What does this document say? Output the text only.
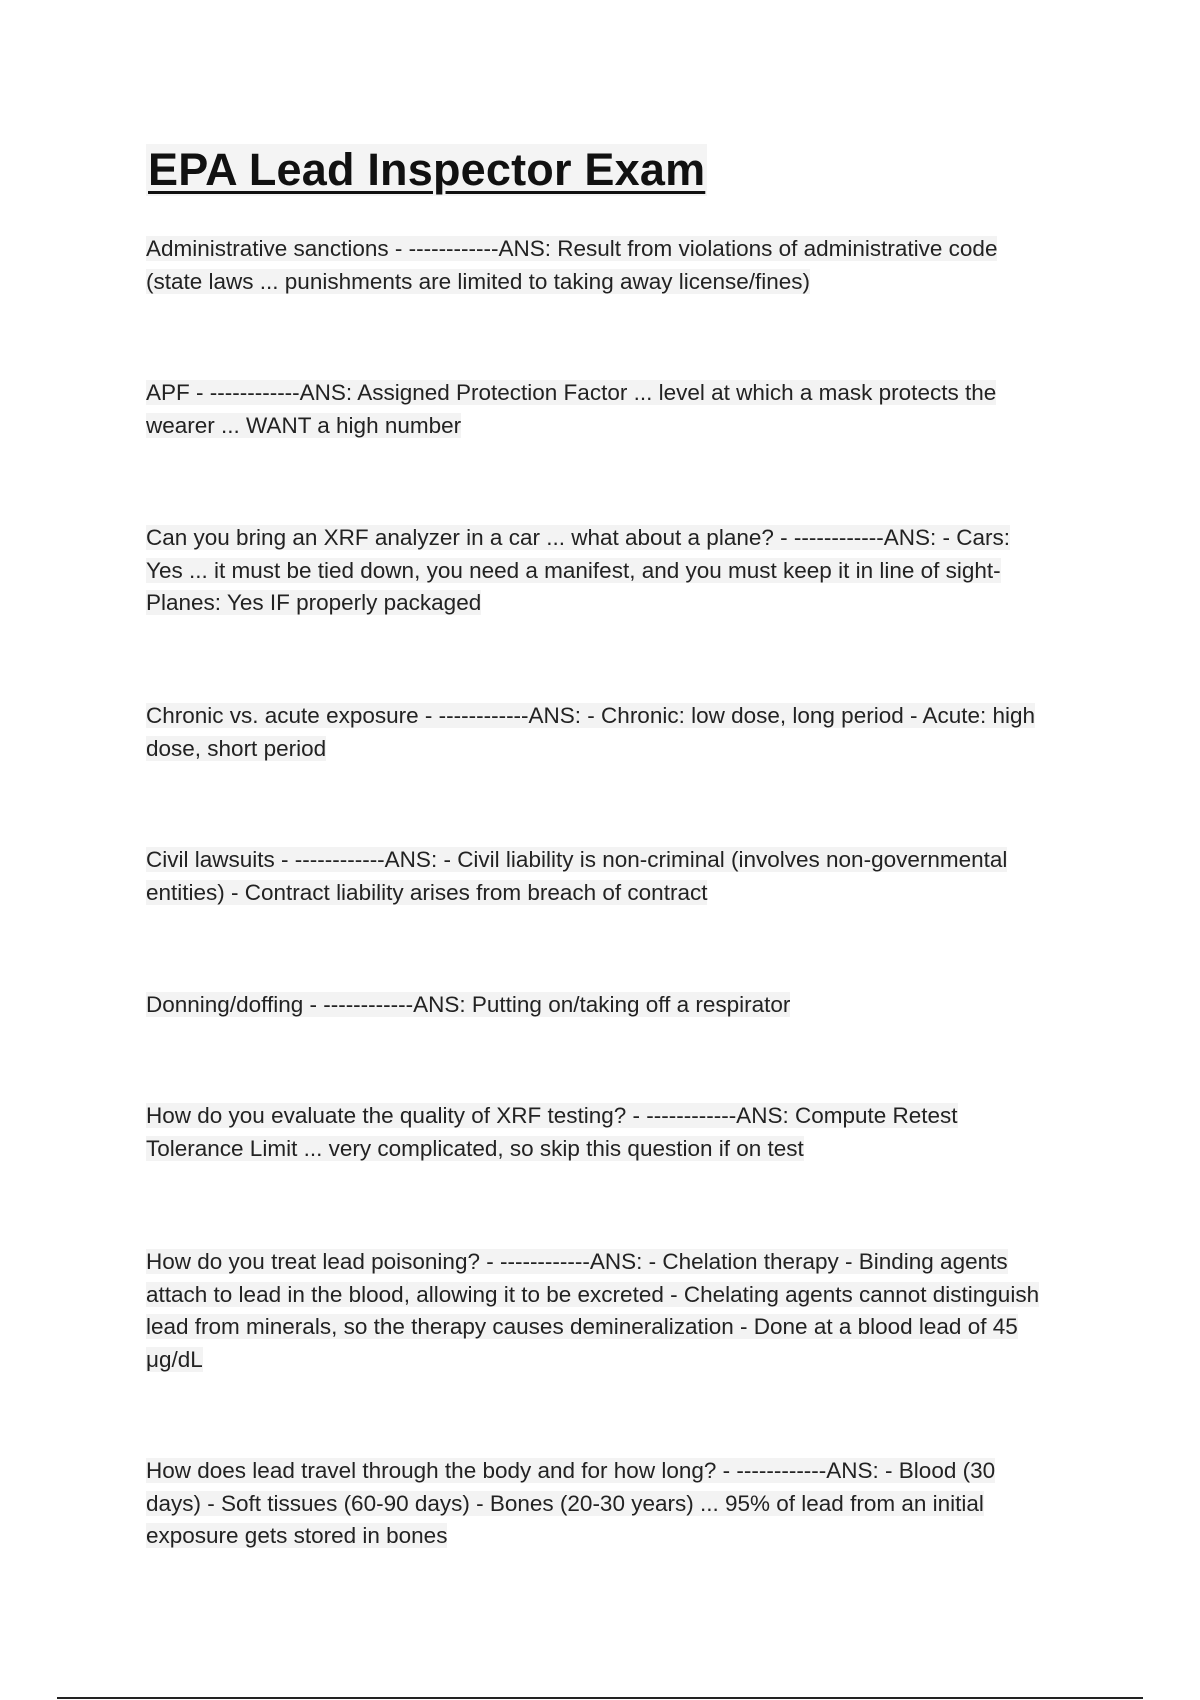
EPA Lead Inspector Exam

Administrative sanctions - ------------ANS: Result from violations of administrative code (state laws ... punishments are limited to taking away license/fines)

APF - ------------ANS: Assigned Protection Factor ... level at which a mask protects the wearer ... WANT a high number

Can you bring an XRF analyzer in a car ... what about a plane? - ------------ANS: - Cars: Yes ... it must be tied down, you need a manifest, and you must keep it in line of sight- Planes: Yes IF properly packaged

Chronic vs. acute exposure - ------------ANS: - Chronic: low dose, long period - Acute: high dose, short period

Civil lawsuits - ------------ANS: - Civil liability is non-criminal (involves non-governmental entities) - Contract liability arises from breach of contract

Donning/doffing - ------------ANS: Putting on/taking off a respirator

How do you evaluate the quality of XRF testing? - ------------ANS: Compute Retest Tolerance Limit ... very complicated, so skip this question if on test

How do you treat lead poisoning? - ------------ANS: - Chelation therapy - Binding agents attach to lead in the blood, allowing it to be excreted - Chelating agents cannot distinguish lead from minerals, so the therapy causes demineralization - Done at a blood lead of 45 μg/dL

How does lead travel through the body and for how long? - ------------ANS: - Blood (30 days) - Soft tissues (60-90 days) - Bones (20-30 years) ... 95% of lead from an initial exposure gets stored in bones
